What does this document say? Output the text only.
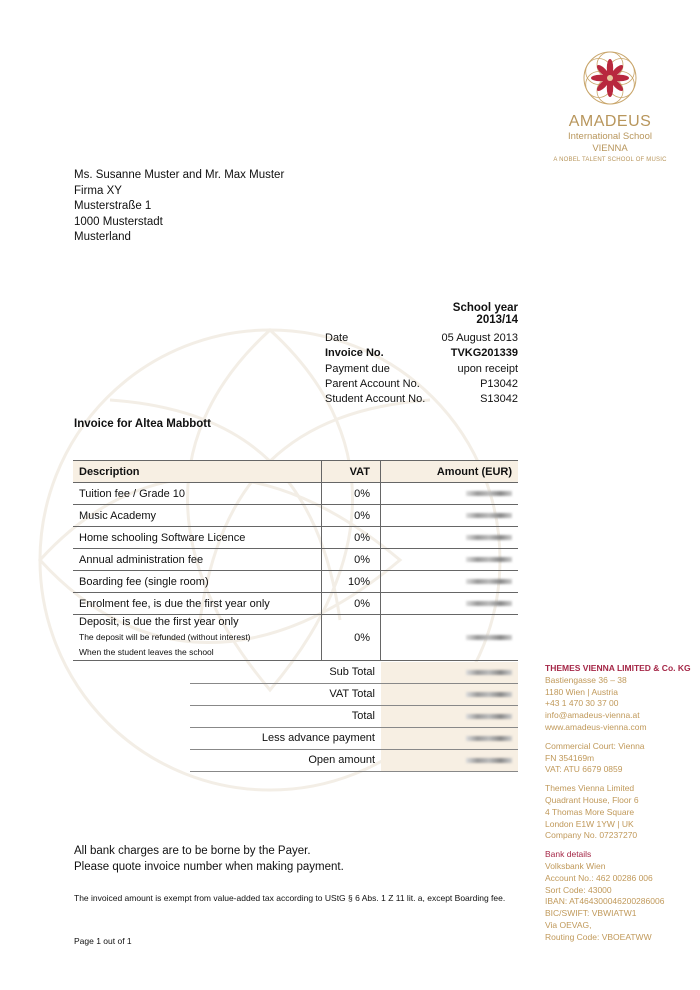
AMADEUS
International School
VIENNA
A NOBEL TALENT SCHOOL OF MUSIC
Ms. Susanne Muster and Mr. Max Muster
Firma XY
Musterstraße 1
1000 Musterstadt
Musterland
School year 2013/14
Date	05 August 2013
Invoice No.	TVKG201339
Payment due	upon receipt
Parent Account No.	P13042
Student Account No.	S13042
Invoice for Altea Mabbott
Description	VAT	Amount (EUR)
Tuition fee / Grade 10	0%	
Music Academy	0%	
Home schooling Software Licence	0%	
Annual administration fee	0%	
Boarding fee (single room)	10%	
Enrolment fee, is due the first year only	0%	

Deposit, is due the first year only
The deposit will be refunded (without interest)
When the student leaves the school	0%	
Sub Total
VAT Total
Total
Less advance payment
Open amount
All bank charges are to be borne by the Payer.
Please quote invoice number when making payment.
The invoiced amount is exempt from value-added tax according to UStG § 6 Abs. 1 Z 11 lit. a, except Boarding fee.
Page 1 out of 1
THEMES VIENNA LIMITED & Co. KG
Bastiengasse 36 – 38
1180 Wien | Austria
+43 1 470 30 37 00
info@amadeus-vienna.at
www.amadeus-vienna.com
Commercial Court: Vienna
FN 354169m
VAT: ATU 6679 0859
Themes Vienna Limited
Quadrant House, Floor 6
4 Thomas More Square
London E1W 1YW | UK
Company No. 07237270
Bank details
Volksbank Wien
Account No.: 462 00286 006
Sort Code: 43000
IBAN: AT464300046200286006
BIC/SWIFT: VBWIATW1
Via OEVAG,
Routing Code: VBOEATWW
